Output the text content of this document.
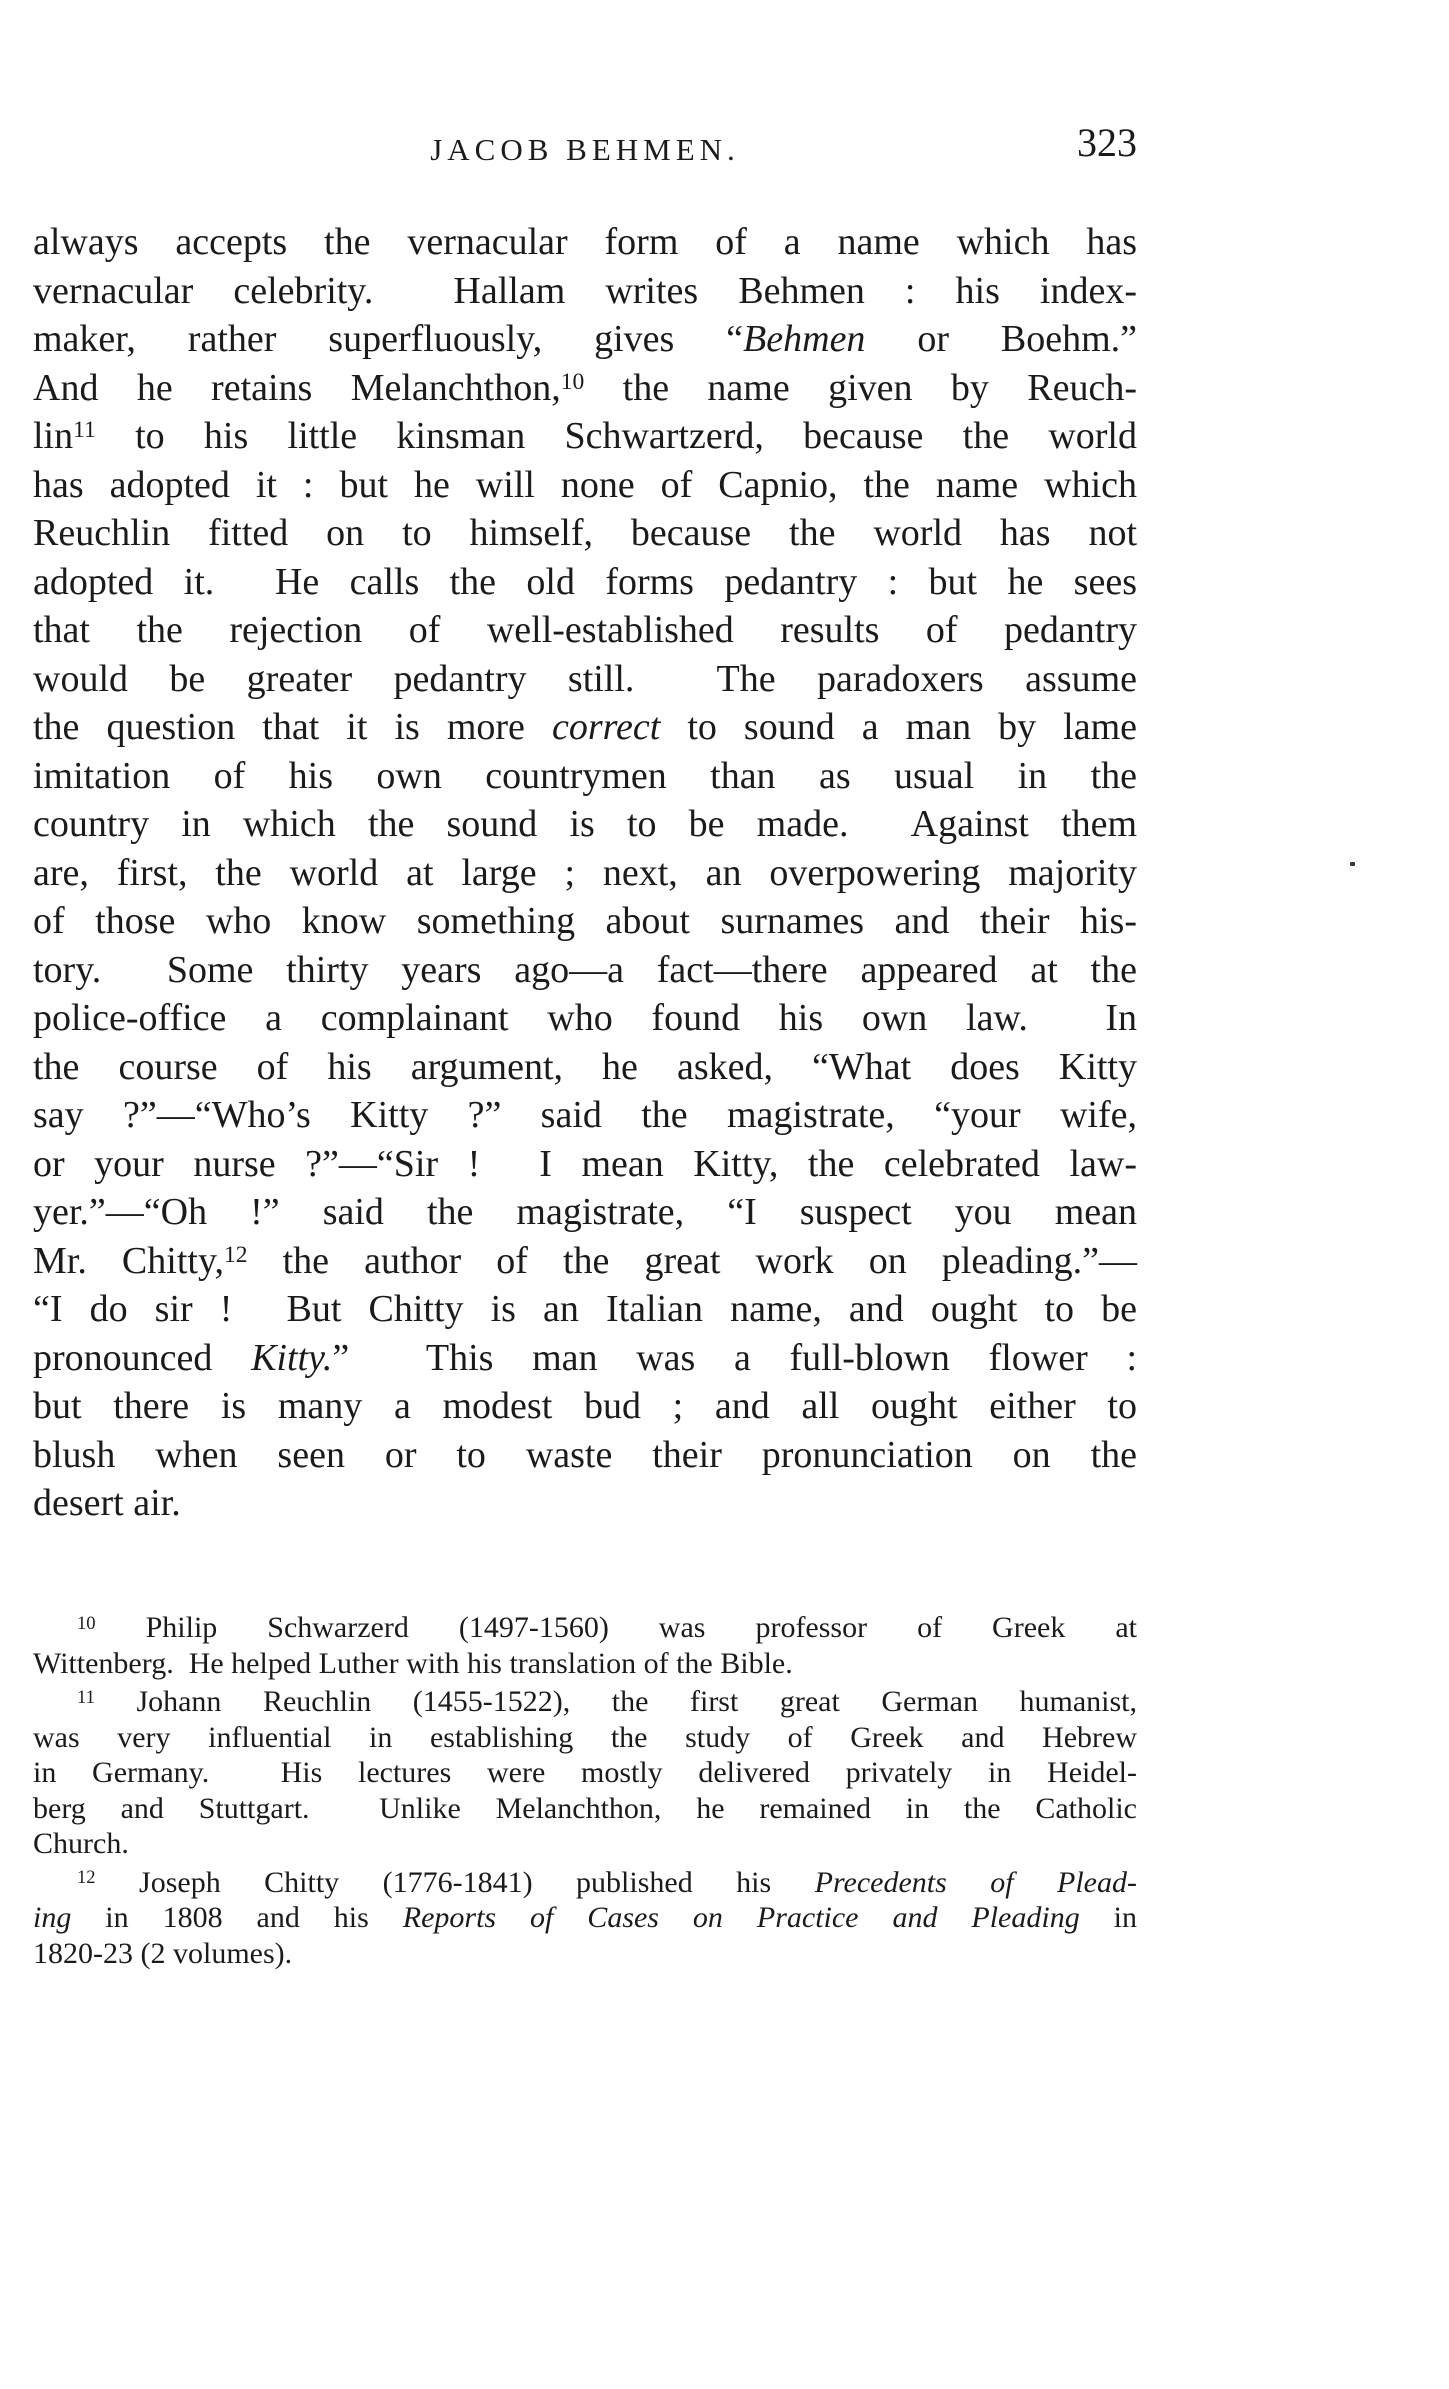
JACOB BEHMEN.	323
always accepts the vernacular form of a name which has
vernacular celebrity.  Hallam writes Behmen : his index-
maker, rather superfluously, gives “Behmen or Boehm.”
And he retains Melanchthon,$^{10}$ the name given by Reuch-
lin$^{11}$ to his little kinsman Schwartzerd, because the world
has adopted it : but he will none of Capnio, the name which
Reuchlin fitted on to himself, because the world has not
adopted it.  He calls the old forms pedantry : but he sees
that the rejection of well-established results of pedantry
would be greater pedantry still.  The paradoxers assume
the question that it is more correct to sound a man by lame
imitation of his own countrymen than as usual in the
country in which the sound is to be made.  Against them
are, first, the world at large ; next, an overpowering majority
of those who know something about surnames and their his-
tory.  Some thirty years ago—a fact—there appeared at the
police-office a complainant who found his own law.  In
the course of his argument, he asked, “What does Kitty
say ?”—“Who’s Kitty ?” said the magistrate, “your wife,
or your nurse ?”—“Sir !  I mean Kitty, the celebrated law-
yer.”—“Oh !” said the magistrate, “I suspect you mean
Mr. Chitty,$^{12}$ the author of the great work on pleading.”—
“I do sir !  But Chitty is an Italian name, and ought to be
pronounced Kitty.”  This man was a full-blown flower :
but there is many a modest bud ; and all ought either to
blush when seen or to waste their pronunciation on the
desert air.
$^{10}$ Philip Schwarzerd (1497-1560) was professor of Greek at
Wittenberg.  He helped Luther with his translation of the Bible.
$^{11}$ Johann Reuchlin (1455-1522), the first great German humanist,
was very influential in establishing the study of Greek and Hebrew
in Germany.  His lectures were mostly delivered privately in Heidel-
berg and Stuttgart.  Unlike Melanchthon, he remained in the Catholic
Church.
$^{12}$ Joseph Chitty (1776-1841) published his Precedents of Plead-
ing in 1808 and his Reports of Cases on Practice and Pleading in
1820-23 (2 volumes).
